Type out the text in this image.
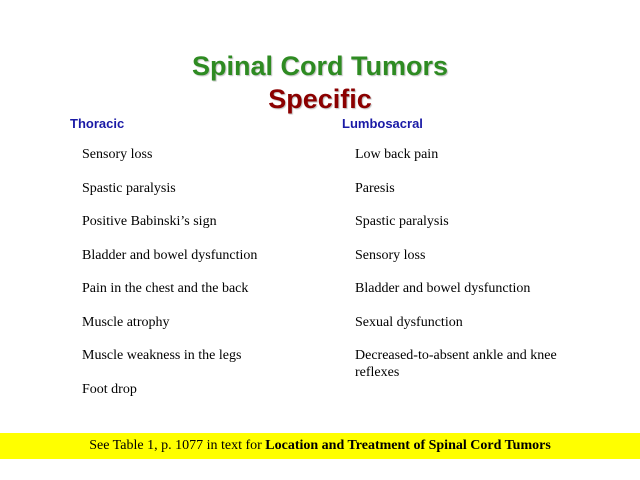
Spinal Cord Tumors
Specific
Thoracic	Lumbosacral
Sensory loss
Spastic paralysis
Positive Babinski’s sign
Bladder and bowel dysfunction
Pain in the chest and the back
Muscle atrophy
Muscle weakness in the legs
Foot drop
Low back pain
Paresis
Spastic paralysis
Sensory loss
Bladder and bowel dysfunction
Sexual dysfunction
Decreased-to-absent ankle and knee reflexes
See Table 1, p. 1077 in text for Location and Treatment of Spinal Cord Tumors
